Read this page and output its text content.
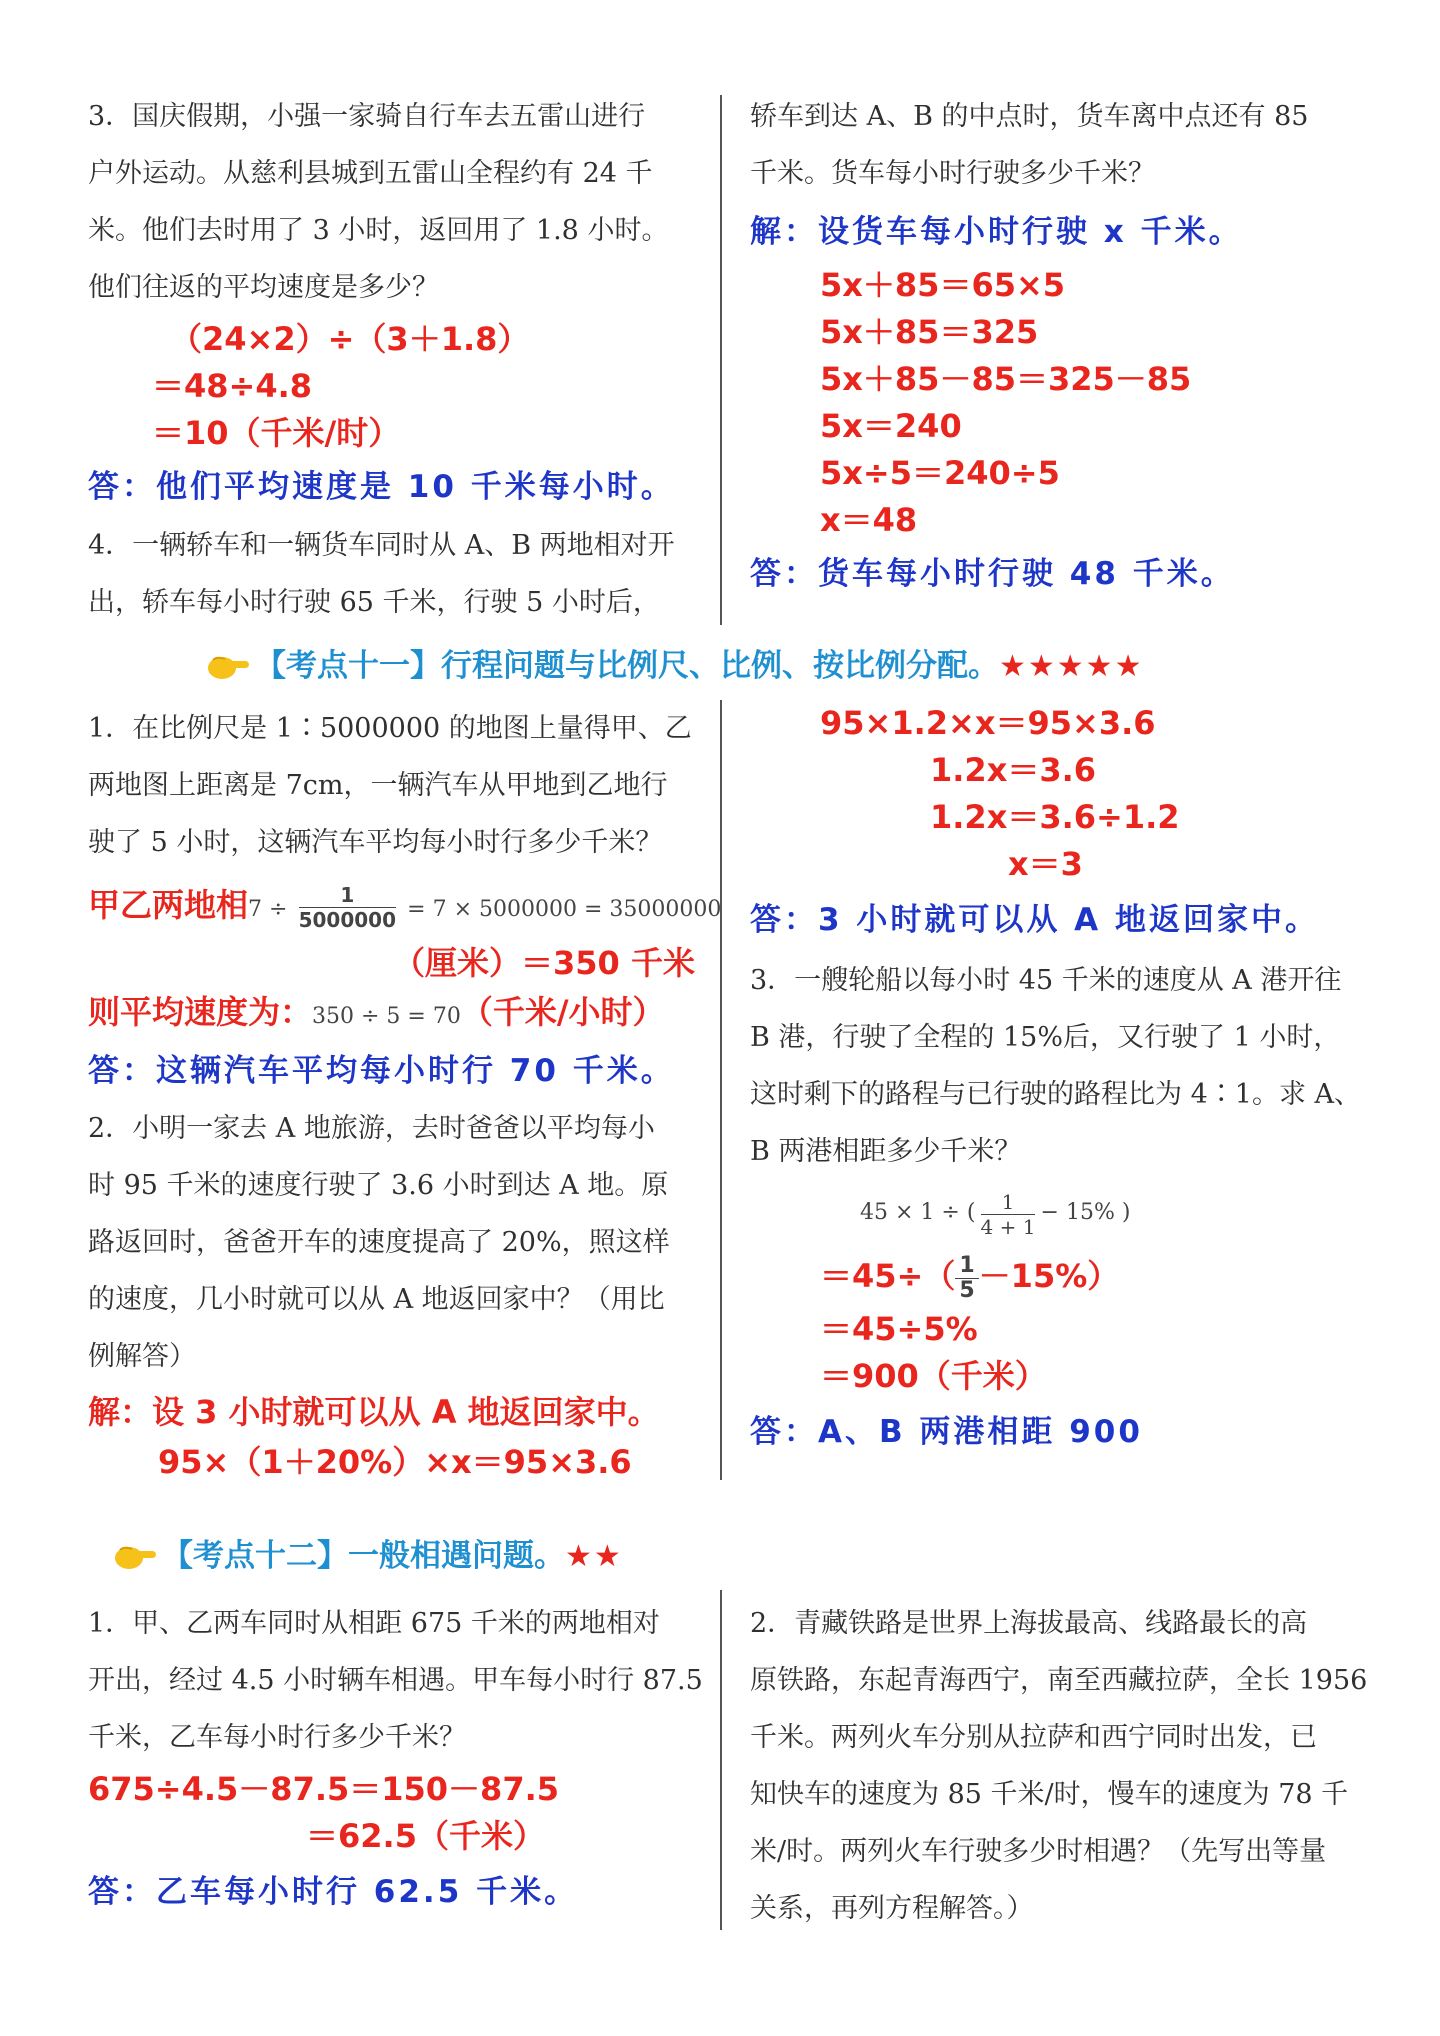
3．国庆假期，小强一家骑自行车去五雷山进行

户外运动。从慈利县城到五雷山全程约有 24 千

米。他们去时用了 3 小时，返回用了 1.8 小时。

他们往返的平均速度是多少？

（24×2）÷（3＋1.8）

＝48÷4.8

＝10（千米/时）

答：他们平均速度是 10 千米每小时。

4．一辆轿车和一辆货车同时从 A、B 两地相对开

出，轿车每小时行驶 65 千米，行驶 5 小时后，

轿车到达 A、B 的中点时，货车离中点还有 85

千米。货车每小时行驶多少千米？

解：设货车每小时行驶 x 千米。

5x＋85＝65×5

5x＋85＝325

5x＋85－85＝325－85

5x＝240

5x÷5＝240÷5

x＝48

答：货车每小时行驶 48 千米。

【考点十一】行程问题与比例尺、比例、按比例分配。★★★★★

1．在比例尺是 1∶5000000 的地图上量得甲、乙

两地图上距离是 7cm，一辆汽车从甲地到乙地行

驶了 5 小时，这辆汽车平均每小时行多少千米？

甲乙两地相$7 \div \frac{1}{5000000} = 7 \times 5000000 = 35000000$

（厘米）＝350 千米

则平均速度为：350 ÷ 5 = 70（千米/小时）

答：这辆汽车平均每小时行 70 千米。

2．小明一家去 A 地旅游，去时爸爸以平均每小

时 95 千米的速度行驶了 3.6 小时到达 A 地。原

路返回时，爸爸开车的速度提高了 20%，照这样

的速度，几小时就可以从 A 地返回家中？（用比

例解答）

解：设 3 小时就可以从 A 地返回家中。

95×（1＋20%）×x＝95×3.6

95×1.2×x＝95×3.6

1.2x＝3.6

1.2x＝3.6÷1.2

x＝3

答：3 小时就可以从 A 地返回家中。

3．一艘轮船以每小时 45 千米的速度从 A 港开往

B 港，行驶了全程的 15%后，又行驶了 1 小时，

这时剩下的路程与已行驶的路程比为 4∶1。求 A、

B 两港相距多少千米？

45 × 1 ÷ ( $\frac{1}{4 + 1} - 15\%$ )
$=45\div( \frac{1}{5} -15\%)$

＝45÷5%

＝900（千米）

答：A、B 两港相距 900

【考点十二】一般相遇问题。★★

1．甲、乙两车同时从相距 675 千米的两地相对

开出，经过 4.5 小时辆车相遇。甲车每小时行 87.5

千米，乙车每小时行多少千米？

675÷4.5－87.5＝150－87.5

＝62.5（千米）

答：乙车每小时行 62.5 千米。

2．青藏铁路是世界上海拔最高、线路最长的高

原铁路，东起青海西宁，南至西藏拉萨，全长 1956

千米。两列火车分别从拉萨和西宁同时出发，已

知快车的速度为 85 千米/时，慢车的速度为 78 千

米/时。两列火车行驶多少时相遇？（先写出等量

关系，再列方程解答。）
